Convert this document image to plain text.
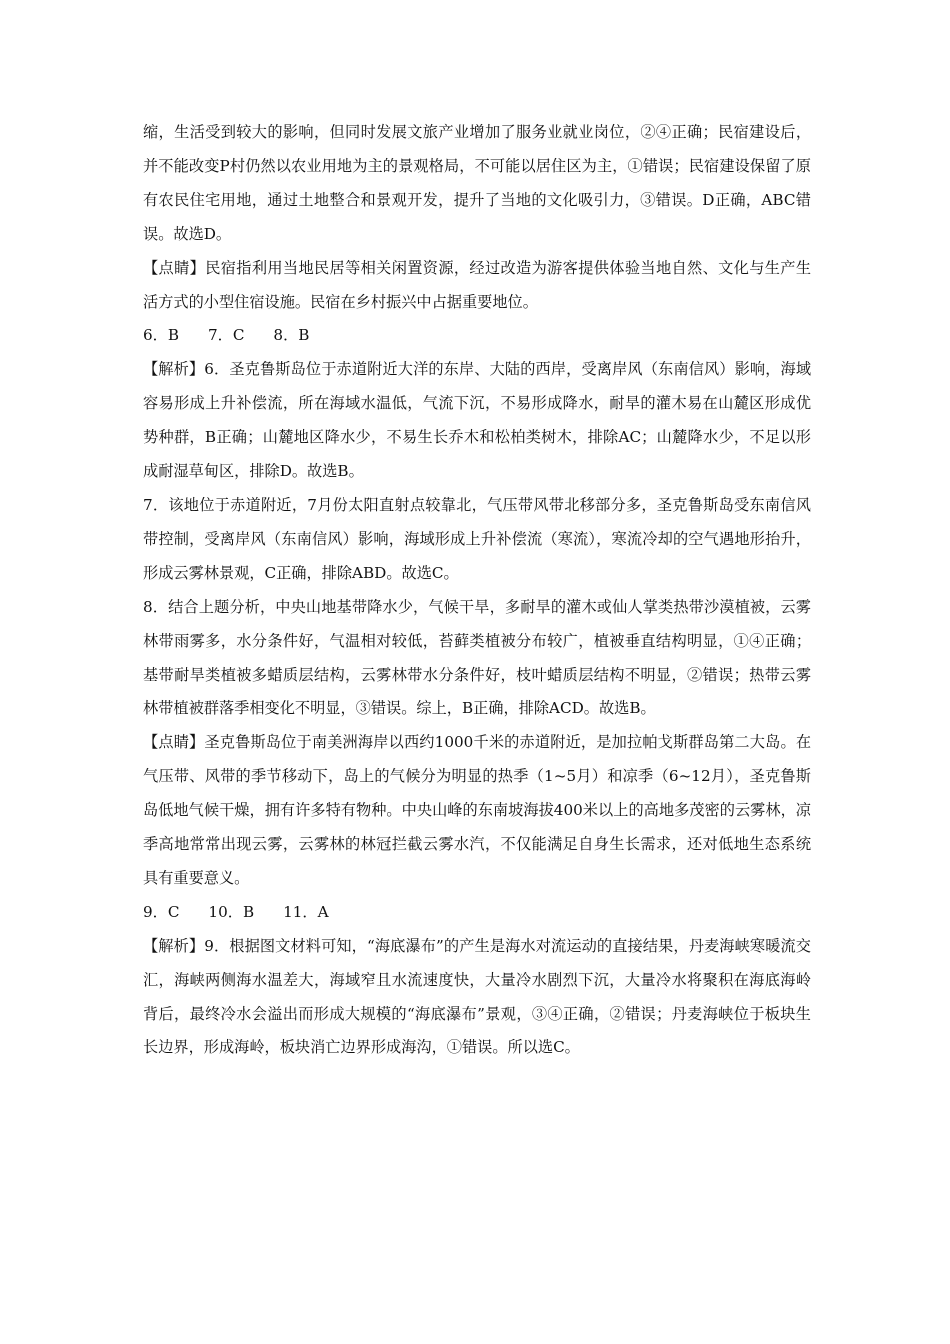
缩，生活受到较大的影响，但同时发展文旅产业增加了服务业就业岗位，②④正确；民宿建设后，并不能改变P村仍然以农业用地为主的景观格局，不可能以居住区为主，①错误；民宿建设保留了原有农民住宅用地，通过土地整合和景观开发，提升了当地的文化吸引力，③错误。D正确，ABC错误。故选D。

【点睛】民宿指利用当地民居等相关闲置资源，经过改造为游客提供体验当地自然、文化与生产生活方式的小型住宿设施。民宿在乡村振兴中占据重要地位。

6．B      7．C      8．B

【解析】6．圣克鲁斯岛位于赤道附近大洋的东岸、大陆的西岸，受离岸风（东南信风）影响，海域容易形成上升补偿流，所在海域水温低，气流下沉，不易形成降水，耐旱的灌木易在山麓区形成优势种群，B正确；山麓地区降水少，不易生长乔木和松柏类树木，排除AC；山麓降水少，不足以形成耐湿草甸区，排除D。故选B。

7．该地位于赤道附近，7月份太阳直射点较靠北，气压带风带北移部分多，圣克鲁斯岛受东南信风带控制，受离岸风（东南信风）影响，海域形成上升补偿流（寒流），寒流冷却的空气遇地形抬升，形成云雾林景观，C正确，排除ABD。故选C。

8．结合上题分析，中央山地基带降水少，气候干旱，多耐旱的灌木或仙人掌类热带沙漠植被，云雾林带雨雾多，水分条件好，气温相对较低，苔藓类植被分布较广，植被垂直结构明显，①④正确；基带耐旱类植被多蜡质层结构，云雾林带水分条件好，枝叶蜡质层结构不明显，②错误；热带云雾林带植被群落季相变化不明显，③错误。综上，B正确，排除ACD。故选B。

【点睛】圣克鲁斯岛位于南美洲海岸以西约1000千米的赤道附近，是加拉帕戈斯群岛第二大岛。在气压带、风带的季节移动下，岛上的气候分为明显的热季（1~5月）和凉季（6~12月），圣克鲁斯岛低地气候干燥，拥有许多特有物种。中央山峰的东南坡海拔400米以上的高地多茂密的云雾林，凉季高地常常出现云雾，云雾林的林冠拦截云雾水汽，不仅能满足自身生长需求，还对低地生态系统具有重要意义。

9．C      10．B      11．A

【解析】9．根据图文材料可知，“海底瀑布”的产生是海水对流运动的直接结果，丹麦海峡寒暖流交汇，海峡两侧海水温差大，海域窄且水流速度快，大量冷水剧烈下沉，大量冷水将聚积在海底海岭背后，最终冷水会溢出而形成大规模的“海底瀑布”景观，③④正确，②错误；丹麦海峡位于板块生长边界，形成海岭，板块消亡边界形成海沟，①错误。所以选C。
